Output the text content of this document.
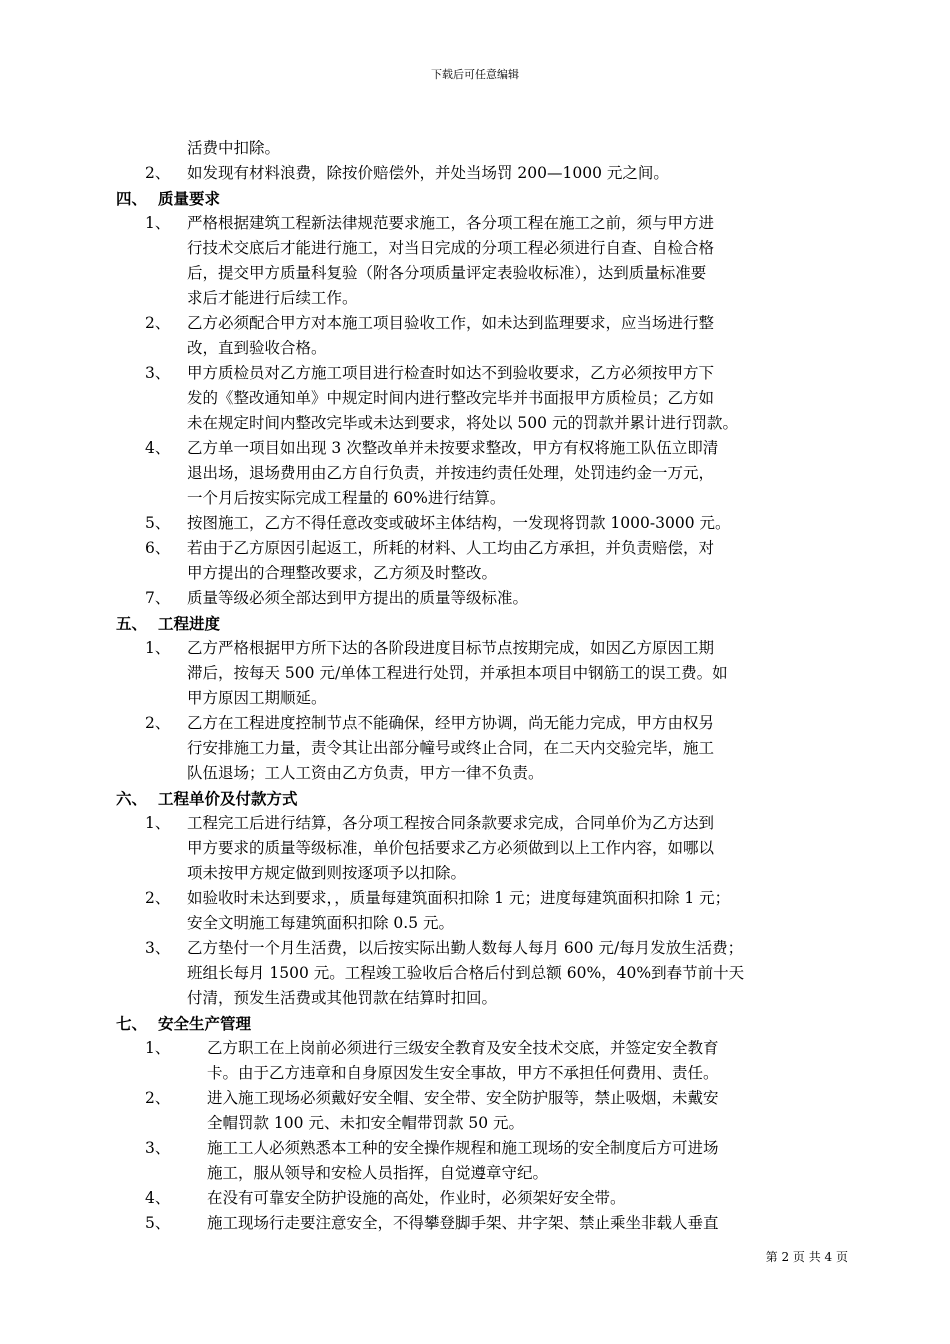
下载后可任意编辑
活费中扣除。
2、 如发现有材料浪费，除按价赔偿外，并处当场罚 200—1000 元之间。
四、 质量要求
1、 严格根据建筑工程新法律规范要求施工，各分项工程在施工之前，须与甲方进
行技术交底后才能进行施工，对当日完成的分项工程必须进行自查、自检合格
后，提交甲方质量科复验（附各分项质量评定表验收标准），达到质量标准要
求后才能进行后续工作。
2、 乙方必须配合甲方对本施工项目验收工作，如未达到监理要求，应当场进行整
改，直到验收合格。
3、 甲方质检员对乙方施工项目进行检查时如达不到验收要求，乙方必须按甲方下
发的《整改通知单》中规定时间内进行整改完毕并书面报甲方质检员；乙方如
未在规定时间内整改完毕或未达到要求，将处以 500 元的罚款并累计进行罚款。
4、 乙方单一项目如出现 3 次整改单并未按要求整改，甲方有权将施工队伍立即清
退出场，退场费用由乙方自行负责，并按违约责任处理，处罚违约金一万元，
一个月后按实际完成工程量的 60%进行结算。
5、 按图施工，乙方不得任意改变或破坏主体结构，一发现将罚款 1000-3000 元。
6、 若由于乙方原因引起返工，所耗的材料、人工均由乙方承担，并负责赔偿，对
甲方提出的合理整改要求，乙方须及时整改。
7、 质量等级必须全部达到甲方提出的质量等级标准。
五、 工程进度
1、 乙方严格根据甲方所下达的各阶段进度目标节点按期完成，如因乙方原因工期
滞后，按每天 500 元/单体工程进行处罚，并承担本项目中钢筋工的误工费。如
甲方原因工期顺延。
2、 乙方在工程进度控制节点不能确保，经甲方协调，尚无能力完成，甲方由权另
行安排施工力量，责令其让出部分幢号或终止合同，在二天内交验完毕，施工
队伍退场；工人工资由乙方负责，甲方一律不负责。
六、 工程单价及付款方式
1、 工程完工后进行结算，各分项工程按合同条款要求完成，合同单价为乙方达到
甲方要求的质量等级标准，单价包括要求乙方必须做到以上工作内容，如哪以
项未按甲方规定做到则按逐项予以扣除。
2、 如验收时未达到要求，，质量每建筑面积扣除 1 元；进度每建筑面积扣除 1 元；
安全文明施工每建筑面积扣除 0.5 元。
3、 乙方垫付一个月生活费，以后按实际出勤人数每人每月 600 元/每月发放生活费；
班组长每月 1500 元。工程竣工验收后合格后付到总额 60%，40%到春节前十天
付清，预发生活费或其他罚款在结算时扣回。
七、 安全生产管理
1、 乙方职工在上岗前必须进行三级安全教育及安全技术交底，并签定安全教育
卡。由于乙方违章和自身原因发生安全事故，甲方不承担任何费用、责任。
2、 进入施工现场必须戴好安全帽、安全带、安全防护服等，禁止吸烟，未戴安
全帽罚款 100 元、未扣安全帽带罚款 50 元。
3、 施工工人必须熟悉本工种的安全操作规程和施工现场的安全制度后方可进场
施工，服从领导和安检人员指挥，自觉遵章守纪。
4、 在没有可靠安全防护设施的高处，作业时，必须架好安全带。
5、 施工现场行走要注意安全，不得攀登脚手架、井字架、禁止乘坐非载人垂直
第 2 页 共 4 页
